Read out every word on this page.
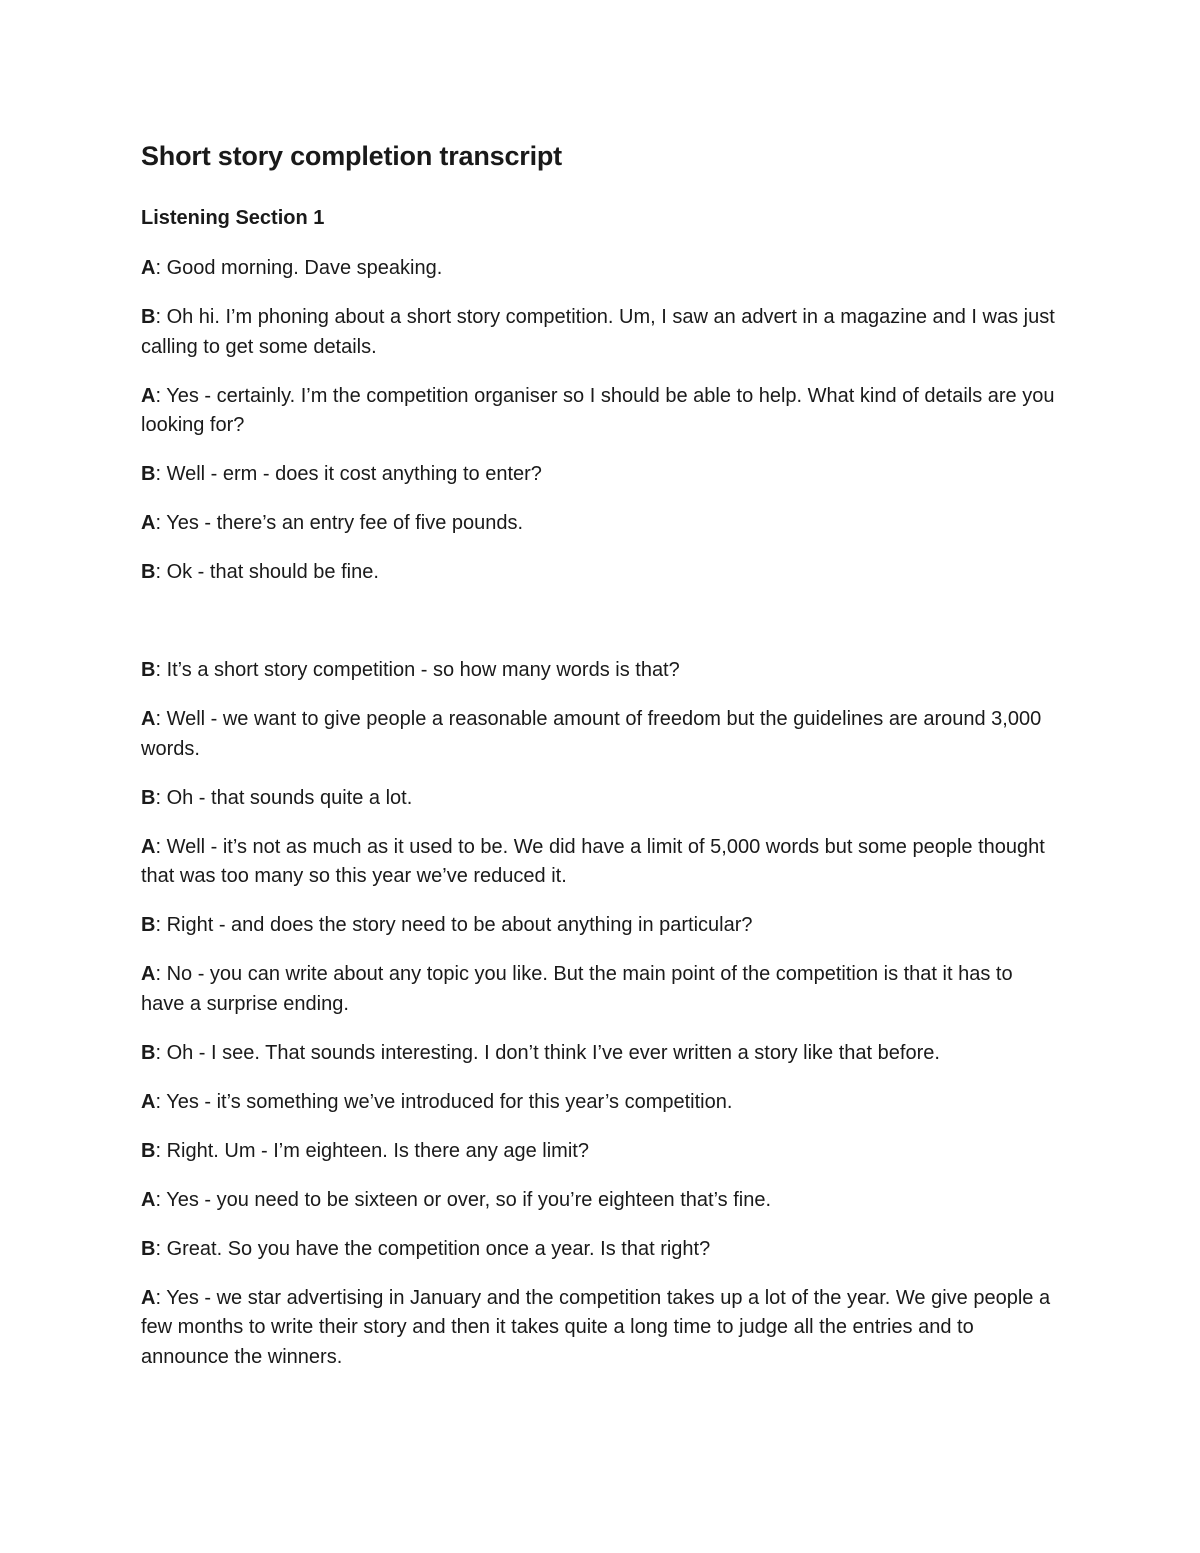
Short story completion transcript
Listening Section 1

A: Good morning. Dave speaking.

B: Oh hi. I’m phoning about a short story competition. Um, I saw an advert in a magazine and I was just calling to get some details.

A: Yes - certainly. I’m the competition organiser so I should be able to help. What kind of details are you looking for?

B: Well - erm - does it cost anything to enter?

A: Yes - there’s an entry fee of five pounds.

B: Ok - that should be fine.

B: It’s a short story competition - so how many words is that?

A: Well - we want to give people a reasonable amount of freedom but the guidelines are around 3,000 words.

B: Oh - that sounds quite a lot.

A: Well - it’s not as much as it used to be. We did have a limit of 5,000 words but some people thought that was too many so this year we’ve reduced it.

B: Right - and does the story need to be about anything in particular?

A: No - you can write about any topic you like. But the main point of the competition is that it has to have a surprise ending.

B: Oh - I see. That sounds interesting. I don’t think I’ve ever written a story like that before.

A: Yes - it’s something we’ve introduced for this year’s competition.

B: Right. Um - I’m eighteen. Is there any age limit?

A: Yes - you need to be sixteen or over, so if you’re eighteen that’s fine.

B: Great. So you have the competition once a year. Is that right?

A: Yes - we star advertising in January and the competition takes up a lot of the year. We give people a few months to write their story and then it takes quite a long time to judge all the entries and to announce the winners.
